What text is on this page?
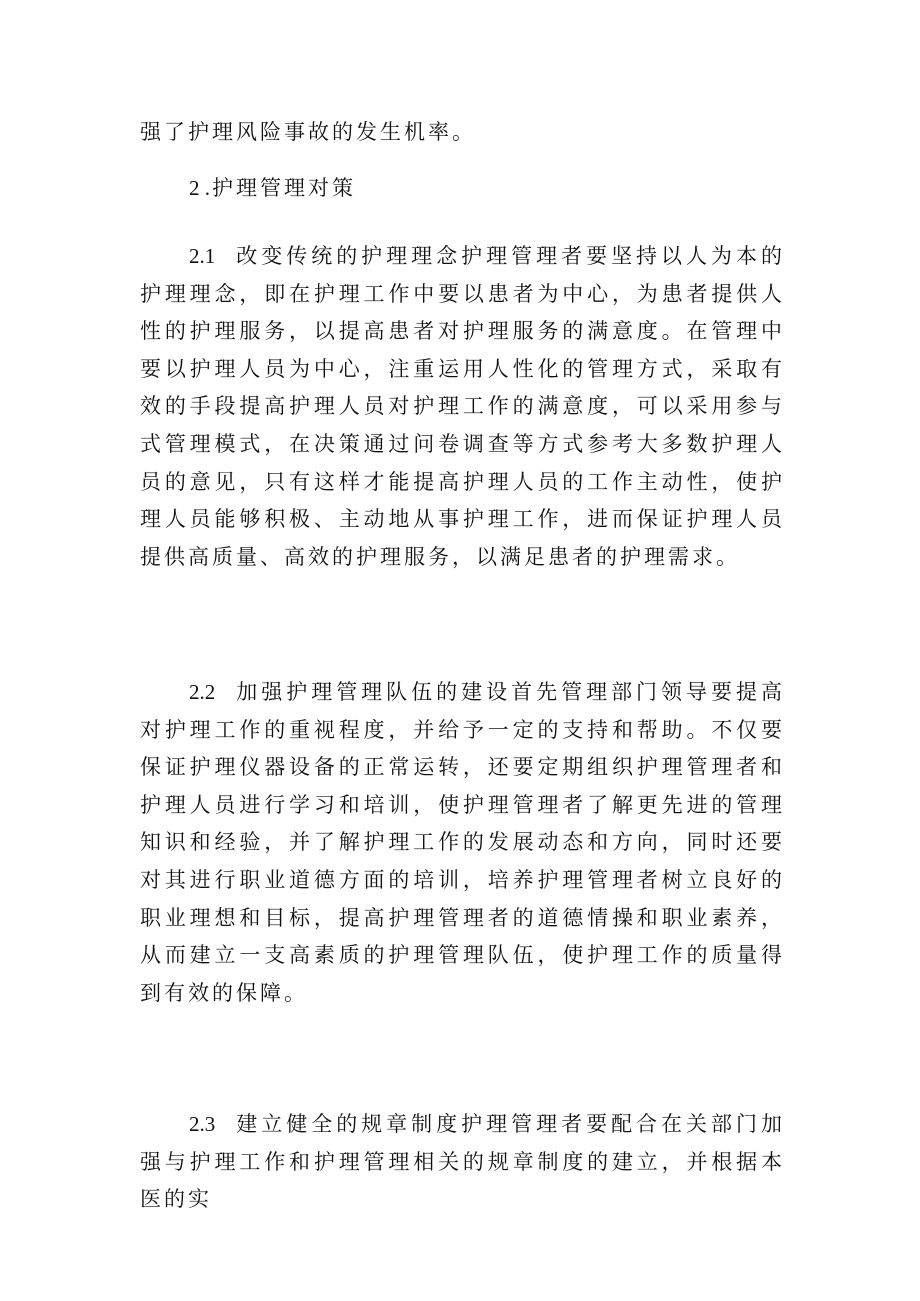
强了护理风险事故的发生机率。

2 .护理管理对策

2.1 改变传统的护理理念护理管理者要坚持以人为本的护理理念，即在护理工作中要以患者为中心，为患者提供人性的护理服务，以提高患者对护理服务的满意度。在管理中要以护理人员为中心，注重运用人性化的管理方式，采取有效的手段提高护理人员对护理工作的满意度，可以采用参与式管理模式，在决策通过问卷调查等方式参考大多数护理人员的意见，只有这样才能提高护理人员的工作主动性，使护理人员能够积极、主动地从事护理工作，进而保证护理人员提供高质量、高效的护理服务，以满足患者的护理需求。

2.2 加强护理管理队伍的建设首先管理部门领导要提高对护理工作的重视程度，并给予一定的支持和帮助。不仅要保证护理仪器设备的正常运转，还要定期组织护理管理者和护理人员进行学习和培训，使护理管理者了解更先进的管理知识和经验，并了解护理工作的发展动态和方向，同时还要对其进行职业道德方面的培训，培养护理管理者树立良好的职业理想和目标，提高护理管理者的道德情操和职业素养，从而建立一支高素质的护理管理队伍，使护理工作的质量得到有效的保障。

2.3 建立健全的规章制度护理管理者要配合在关部门加强与护理工作和护理管理相关的规章制度的建立，并根据本医的实
